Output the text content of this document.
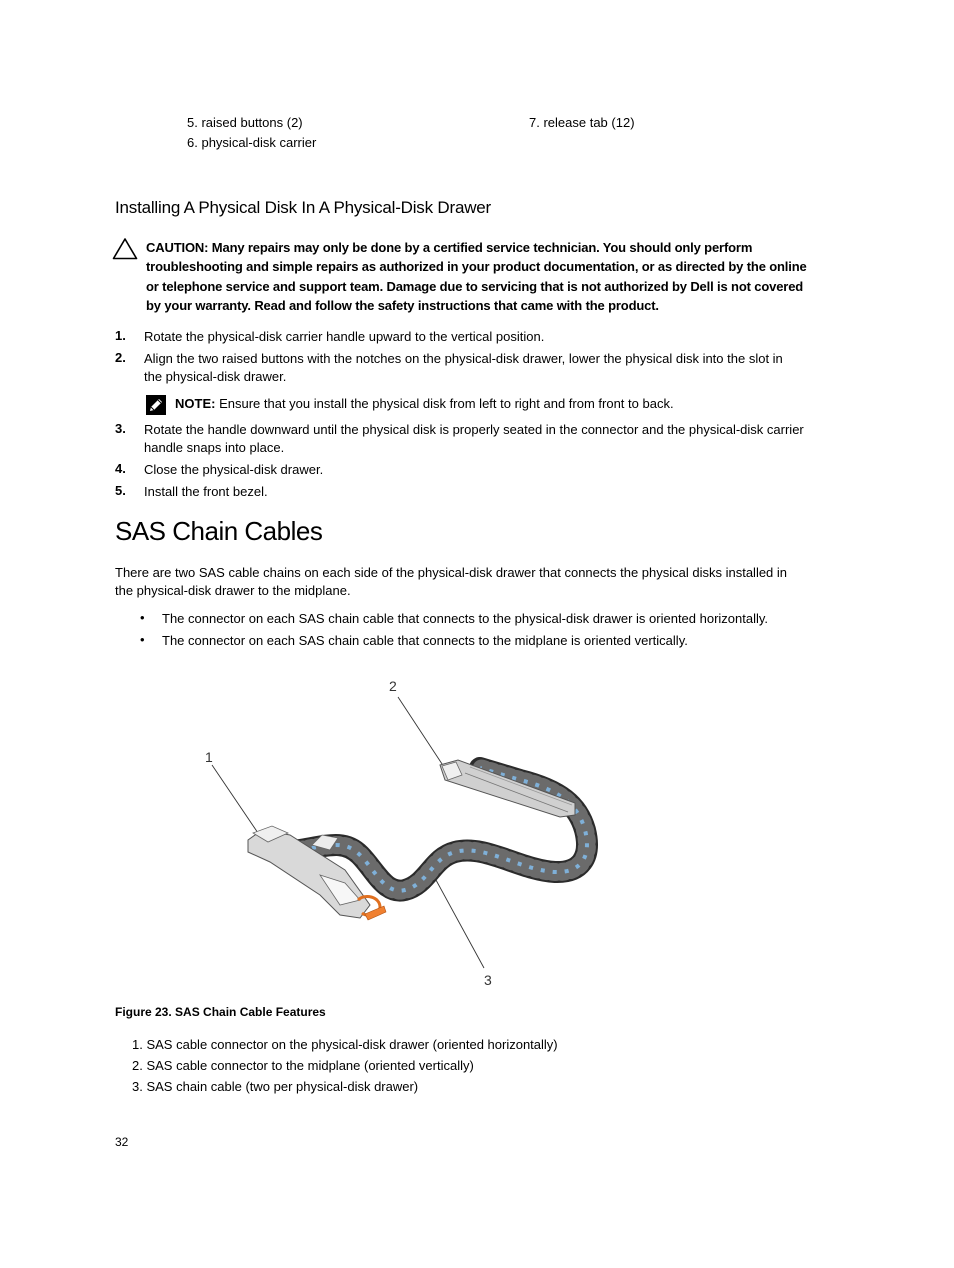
5. raised buttons (2)
6. physical-disk carrier
7. release tab (12)
Installing A Physical Disk In A Physical-Disk Drawer
CAUTION: Many repairs may only be done by a certified service technician. You should only perform troubleshooting and simple repairs as authorized in your product documentation, or as directed by the online or telephone service and support team. Damage due to servicing that is not authorized by Dell is not covered by your warranty. Read and follow the safety instructions that came with the product.
1. Rotate the physical-disk carrier handle upward to the vertical position.
2. Align the two raised buttons with the notches on the physical-disk drawer, lower the physical disk into the slot in the physical-disk drawer.
NOTE: Ensure that you install the physical disk from left to right and from front to back.
3. Rotate the handle downward until the physical disk is properly seated in the connector and the physical-disk carrier handle snaps into place.
4. Close the physical-disk drawer.
5. Install the front bezel.
SAS Chain Cables
There are two SAS cable chains on each side of the physical-disk drawer that connects the physical disks installed in the physical-disk drawer to the midplane.
• The connector on each SAS chain cable that connects to the physical-disk drawer is oriented horizontally.
• The connector on each SAS chain cable that connects to the midplane is oriented vertically.
1
2
3
Figure 23. SAS Chain Cable Features
1. SAS cable connector on the physical-disk drawer (oriented horizontally)
2. SAS cable connector to the midplane (oriented vertically)
3. SAS chain cable (two per physical-disk drawer)
32
